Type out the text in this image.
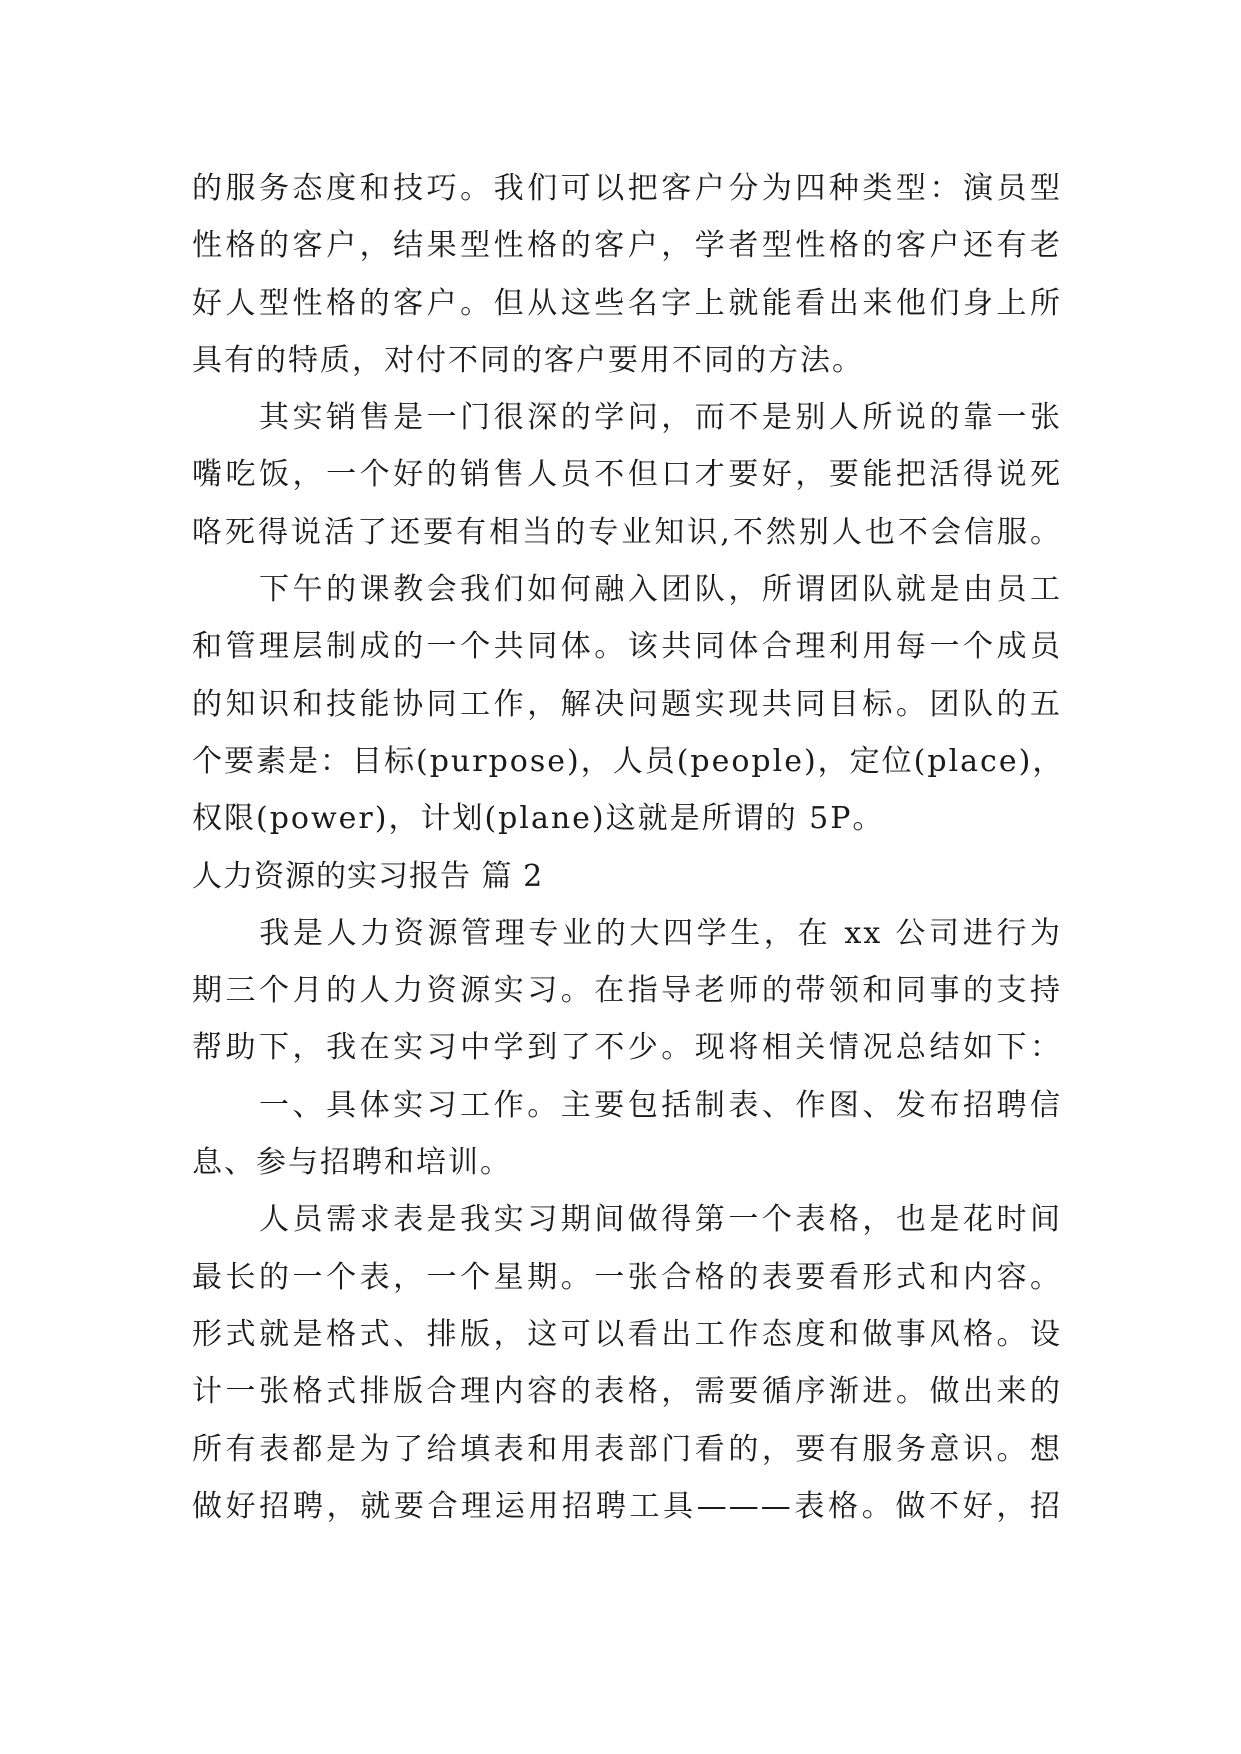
的服务态度和技巧。我们可以把客户分为四种类型：演员型
性格的客户，结果型性格的客户，学者型性格的客户还有老
好人型性格的客户。但从这些名字上就能看出来他们身上所
具有的特质，对付不同的客户要用不同的方法。
　　其实销售是一门很深的学问，而不是别人所说的靠一张
嘴吃饭，一个好的销售人员不但口才要好，要能把活得说死
咯死得说活了还要有相当的专业知识,不然别人也不会信服。
　　下午的课教会我们如何融入团队，所谓团队就是由员工
和管理层制成的一个共同体。该共同体合理利用每一个成员
的知识和技能协同工作，解决问题实现共同目标。团队的五
个要素是：目标(purpose)，人员(people)，定位(place)，
权限(power)，计划(plane)这就是所谓的 5P。
人力资源的实习报告 篇 2
　　我是人力资源管理专业的大四学生，在 xx 公司进行为
期三个月的人力资源实习。在指导老师的带领和同事的支持
帮助下，我在实习中学到了不少。现将相关情况总结如下：
　　一、具体实习工作。主要包括制表、作图、发布招聘信
息、参与招聘和培训。
　　人员需求表是我实习期间做得第一个表格，也是花时间
最长的一个表，一个星期。一张合格的表要看形式和内容。
形式就是格式、排版，这可以看出工作态度和做事风格。设
计一张格式排版合理内容的表格，需要循序渐进。做出来的
所有表都是为了给填表和用表部门看的，要有服务意识。想
做好招聘，就要合理运用招聘工具———表格。做不好，招
